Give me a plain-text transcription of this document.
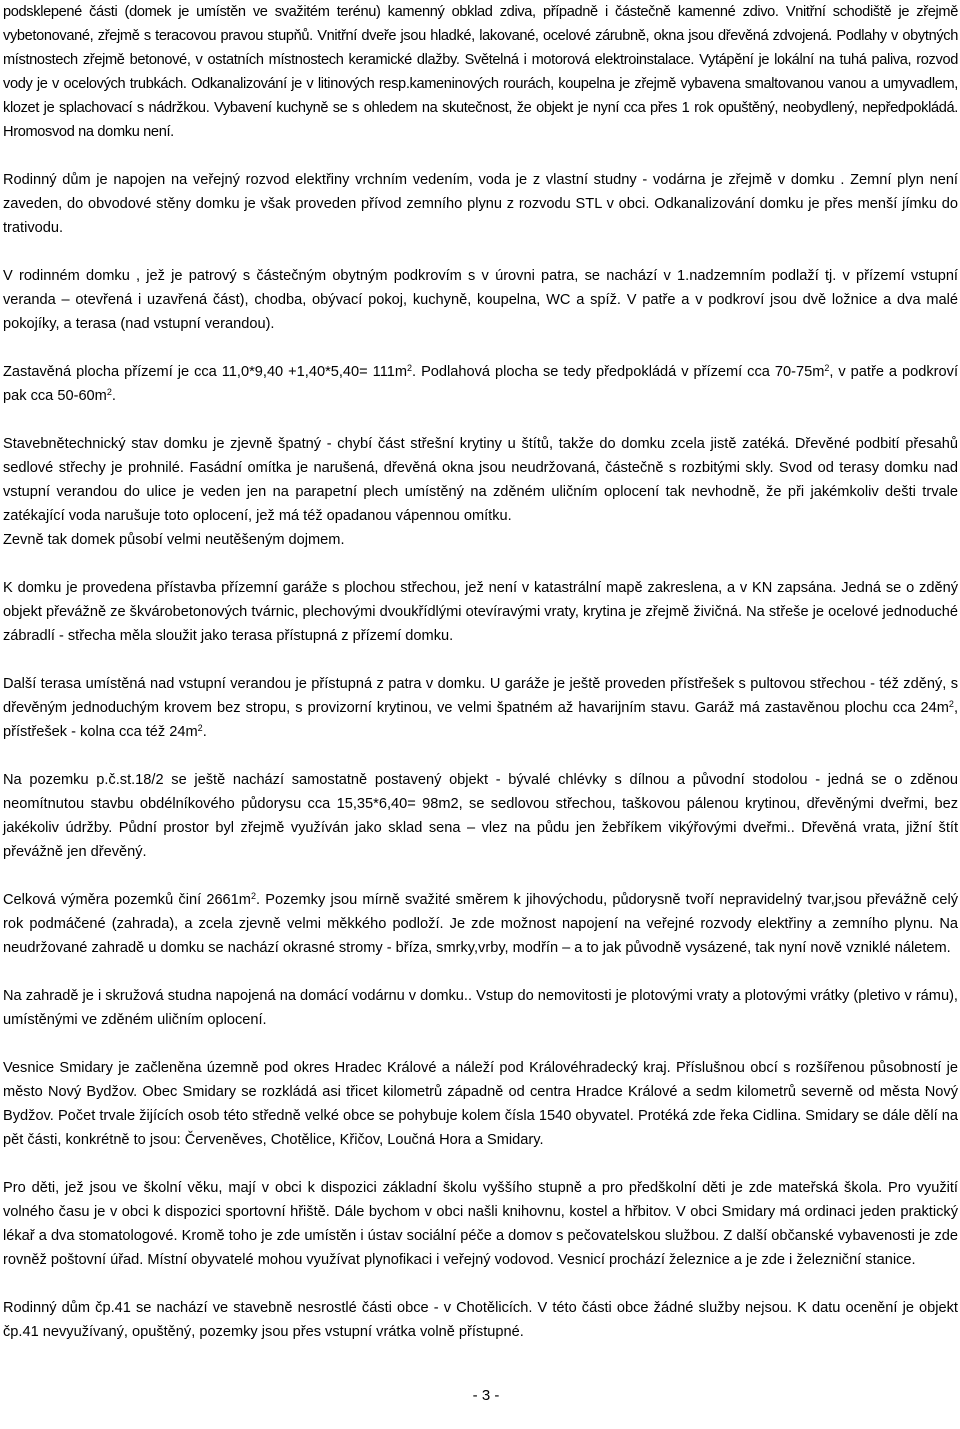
podsklepené části (domek je umístěn ve svažitém terénu) kamenný obklad zdiva, případně i částečně kamenné zdivo. Vnitřní schodiště je zřejmě vybetonované, zřejmě s teracovou pravou stupňů. Vnitřní dveře jsou hladké, lakované, ocelové zárubně, okna jsou dřevěná zdvojená. Podlahy v obytných místnostech zřejmě betonové, v ostatních místnostech keramické dlažby. Světelná i motorová elektroinstalace. Vytápění je lokální na tuhá paliva, rozvod vody je v ocelových trubkách. Odkanalizování je v litinových resp.kameninových rourách, koupelna je zřejmě vybavena smaltovanou vanou a umyvadlem, klozet je splachovací s nádržkou. Vybavení kuchyně se s ohledem na skutečnost, že objekt je nyní cca přes 1 rok opuštěný, neobydlený, nepředpokládá. Hromosvod na domku není.

Rodinný dům je napojen na veřejný rozvod elektřiny vrchním vedením, voda je z vlastní studny - vodárna je zřejmě v domku . Zemní plyn není zaveden, do obvodové stěny domku je však proveden přívod zemního plynu z rozvodu STL v obci. Odkanalizování domku je přes menší jímku do trativodu.

V rodinném domku , jež je patrový s částečným obytným podkrovím s v úrovni patra, se nachází v 1.nadzemním podlaží tj. v přízemí vstupní veranda – otevřená i uzavřená část), chodba, obývací pokoj, kuchyně, koupelna, WC a spíž. V patře a v podkroví jsou dvě ložnice a dva malé pokojíky, a terasa (nad vstupní verandou).

Zastavěná plocha přízemí je cca $11,0*9,40 +1,40*5,40= 111m^2$. Podlahová plocha se tedy předpokládá v přízemí cca $70-75m^2$, v patře a podkroví pak cca $50-60m^2$.

Stavebnětechnický stav domku je zjevně špatný - chybí část střešní krytiny u štítů, takže do domku zcela jistě zatéká. Dřevěné podbití přesahů sedlové střechy je prohnilé. Fasádní omítka je narušená, dřevěná okna jsou neudržovaná, částečně s rozbitými skly. Svod od terasy domku nad vstupní verandou do ulice je veden jen na parapetní plech umístěný na zděném uličním oplocení tak nevhodně, že při jakémkoliv dešti trvale zatékající voda narušuje toto oplocení, jež má též opadanou vápennou omítku.

Zevně tak domek působí velmi neutěšeným dojmem.

K domku je provedena přístavba přízemní garáže s plochou střechou, jež není v katastrální mapě zakreslena, a v KN zapsána. Jedná se o zděný objekt převážně ze škvárobetonových tvárnic, plechovými dvoukřídlými otevíravými vraty, krytina je zřejmě živičná. Na střeše je ocelové jednoduché zábradlí - střecha měla sloužit jako terasa přístupná z přízemí domku.

Další terasa umístěná nad vstupní verandou je přístupná z patra v domku. U garáže je ještě proveden přístřešek s pultovou střechou - též zděný, s dřevěným jednoduchým krovem bez stropu, s provizorní krytinou, ve velmi špatném až havarijním stavu. Garáž má zastavěnou plochu cca $24m^2$, přístřešek - kolna cca též $24m^2$.

Na pozemku p.č.st.18/2 se ještě nachází samostatně postavený objekt - bývalé chlévky s dílnou a původní stodolou - jedná se o zděnou neomítnutou stavbu obdélníkového půdorysu cca 15,35*6,40= 98m2, se sedlovou střechou, taškovou pálenou krytinou, dřevěnými dveřmi, bez jakékoliv údržby. Půdní prostor byl zřejmě využíván jako sklad sena – vlez na půdu jen žebříkem vikýřovými dveřmi.. Dřevěná vrata, jižní štít převážně jen dřevěný.

Celková výměra pozemků činí $2661m^2$. Pozemky jsou mírně svažité směrem k jihovýchodu, půdorysně tvoří nepravidelný tvar,jsou převážně celý rok podmáčené (zahrada), a zcela zjevně velmi měkkého podloží. Je zde možnost napojení na veřejné rozvody elektřiny a zemního plynu. Na neudržované zahradě u domku se nachází okrasné stromy - bříza, smrky,vrby, modřín – a to jak původně vysázené, tak nyní nově vzniklé náletem.

Na zahradě je i skružová studna napojená na domácí vodárnu v domku.. Vstup do nemovitosti je plotovými vraty a plotovými vrátky (pletivo v rámu), umístěnými ve zděném uličním oplocení.

Vesnice Smidary je začleněna územně pod okres Hradec Králové a náleží pod Královéhradecký kraj. Příslušnou obcí s rozšířenou působností je město Nový Bydžov. Obec Smidary se rozkládá asi třicet kilometrů západně od centra Hradce Králové a sedm kilometrů severně od města Nový Bydžov. Počet trvale žijících osob této středně velké obce se pohybuje kolem čísla 1540 obyvatel. Protéká zde řeka Cidlina. Smidary se dále dělí na pět části, konkrétně to jsou: Červeněves, Chotělice, Křičov, Loučná Hora a Smidary.

Pro děti, jež jsou ve školní věku, mají v obci k dispozici základní školu vyššího stupně a pro předškolní děti je zde mateřská škola. Pro využití volného času je v obci k dispozici sportovní hřiště. Dále bychom v obci našli knihovnu, kostel a hřbitov. V obci Smidary má ordinaci jeden praktický lékař a dva stomatologové. Kromě toho je zde umístěn i ústav sociální péče a domov s pečovatelskou službou. Z další občanské vybavenosti je zde rovněž poštovní úřad. Místní obyvatelé mohou využívat plynofikaci i veřejný vodovod. Vesnicí prochází železnice a je zde i železniční stanice.

Rodinný dům čp.41 se nachází ve stavebně nesrostlé části obce - v Chotělicích. V této části obce žádné služby nejsou. K datu ocenění je objekt čp.41 nevyužívaný, opuštěný, pozemky jsou přes vstupní vrátka volně přístupné.

- 3 -
